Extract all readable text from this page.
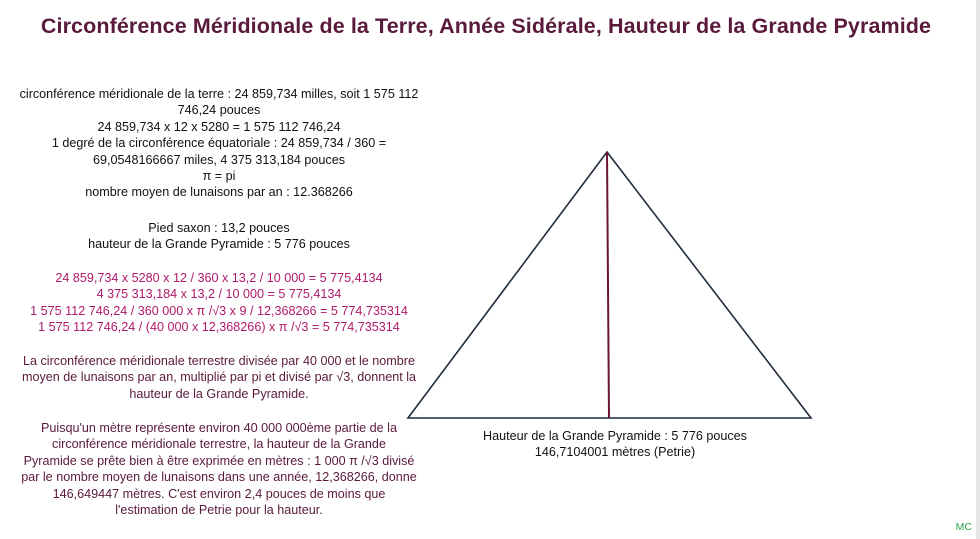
Circonférence Méridionale de la Terre, Année Sidérale, Hauteur de la Grande Pyramide
circonférence méridionale de la terre : 24 859,734 milles, soit 1 575 112
746,24 pouces
24 859,734 x 12 x 5280 = 1 575 112 746,24
1 degré de la circonférence équatoriale : 24 859,734 / 360 =
69,0548166667 miles, 4 375 313,184 pouces
π = pi
nombre moyen de lunaisons par an : 12.368266
Pied saxon : 13,2 pouces
hauteur de la Grande Pyramide : 5 776 pouces
24 859,734 x 5280 x 12 / 360 x 13,2 / 10 000 = 5 775,4134
4 375 313,184 x 13,2 / 10 000 = 5 775,4134
1 575 112 746,24 / 360 000 x π /√3 x 9 / 12,368266 = 5 774,735314
1 575 112 746,24 / (40 000 x 12,368266) x π /√3 = 5 774,735314
La circonférence méridionale terrestre divisée par 40 000 et le nombre
moyen de lunaisons par an, multiplié par pi et divisé par √3, donnent la
hauteur de la Grande Pyramide.
Puisqu'un mètre représente environ 40 000 000ème partie de la
circonférence méridionale terrestre, la hauteur de la Grande
Pyramide se prête bien à être exprimée en mètres : 1 000 π /√3 divisé
par le nombre moyen de lunaisons dans une année, 12,368266, donne
146,649447 mètres. C'est environ 2,4 pouces de moins que
l'estimation de Petrie pour la hauteur.
Hauteur de la Grande Pyramide : 5 776 pouces
146,7104001 mètres (Petrie)
MC
